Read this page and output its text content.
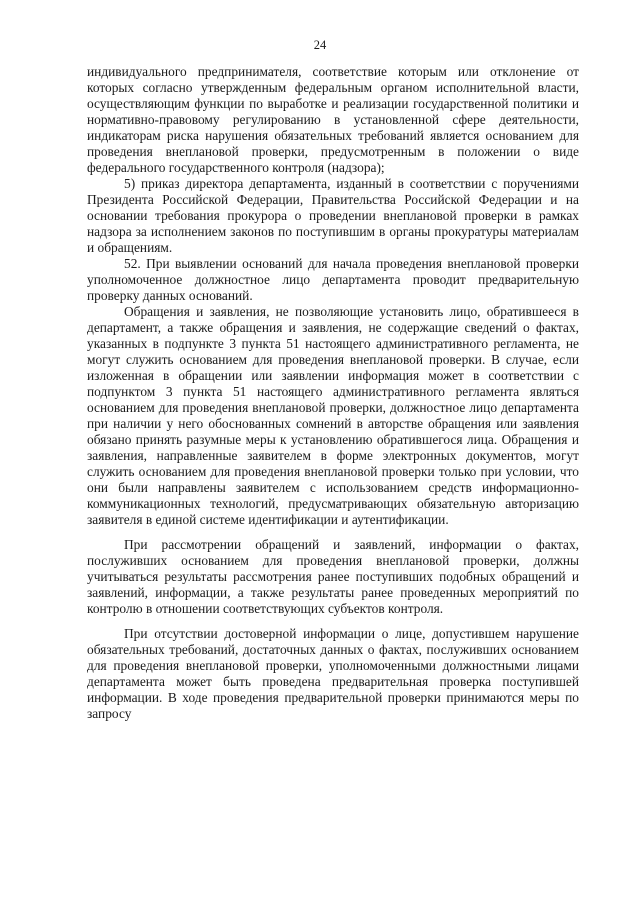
24

индивидуального предпринимателя, соответствие которым или отклонение от которых согласно утвержденным федеральным органом исполнительной власти, осуществляющим функции по выработке и реализации государственной политики и нормативно-правовому регулированию в установленной сфере деятельности, индикаторам риска нарушения обязательных требований является основанием для проведения внеплановой проверки, предусмотренным в положении о виде федерального государственного контроля (надзора);

5) приказ директора департамента, изданный в соответствии с поручениями Президента Российской Федерации, Правительства Российской Федерации и на основании требования прокурора о проведении внеплановой проверки в рамках надзора за исполнением законов по поступившим в органы прокуратуры материалам и обращениям.

52. При выявлении оснований для начала проведения внеплановой проверки уполномоченное должностное лицо департамента проводит предварительную проверку данных оснований.

Обращения и заявления, не позволяющие установить лицо, обратившееся в департамент, а также обращения и заявления, не содержащие сведений о фактах, указанных в подпункте 3 пункта 51 настоящего административного регламента, не могут служить основанием для проведения внеплановой проверки. В случае, если изложенная в обращении или заявлении информация может в соответствии с подпунктом 3 пункта 51 настоящего административного регламента являться основанием для проведения внеплановой проверки, должностное лицо департамента при наличии у него обоснованных сомнений в авторстве обращения или заявления обязано принять разумные меры к установлению обратившегося лица. Обращения и заявления, направленные заявителем в форме электронных документов, могут служить основанием для проведения внеплановой проверки только при условии, что они были направлены заявителем с использованием средств информационно-коммуникационных технологий, предусматривающих обязательную авторизацию заявителя в единой системе идентификации и аутентификации.

При рассмотрении обращений и заявлений, информации о фактах, послуживших основанием для проведения внеплановой проверки, должны учитываться результаты рассмотрения ранее поступивших подобных обращений и заявлений, информации, а также результаты ранее проведенных мероприятий по контролю в отношении соответствующих субъектов контроля.

При отсутствии достоверной информации о лице, допустившем нарушение обязательных требований, достаточных данных о фактах, послуживших основанием для проведения внеплановой проверки, уполномоченными должностными лицами департамента может быть проведена предварительная проверка поступившей информации. В ходе проведения предварительной проверки принимаются меры по запросу
